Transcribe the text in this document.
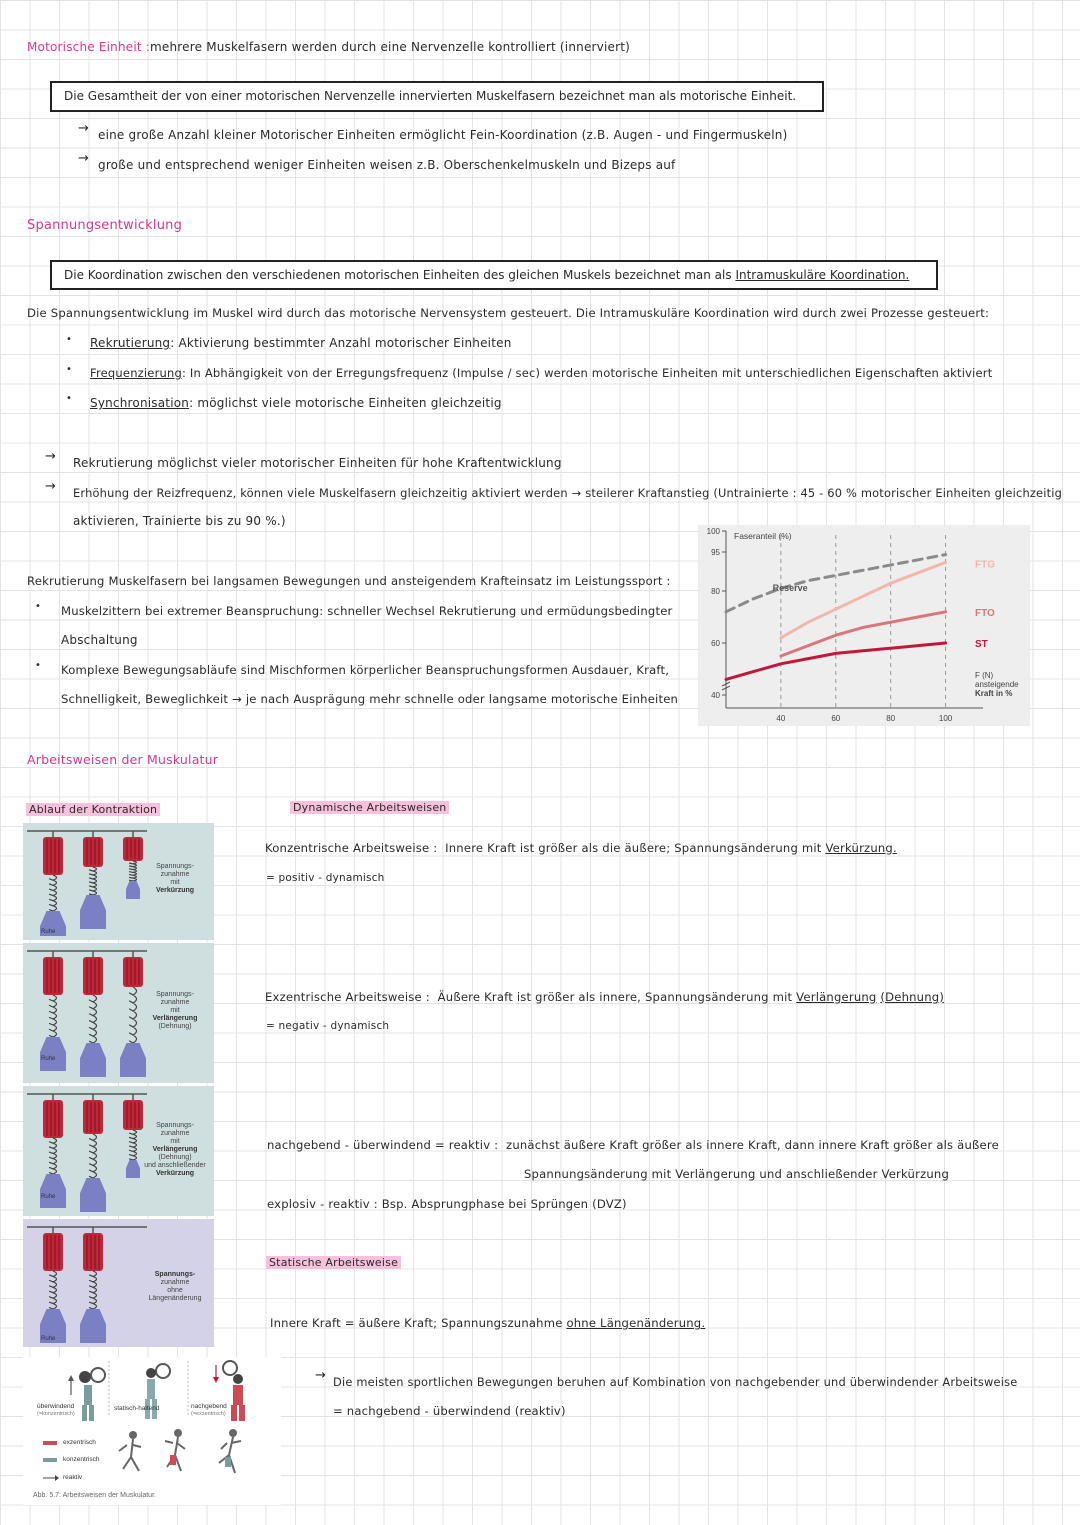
Motorische Einheit : mehrere Muskelfasern werden durch eine Nervenzelle kontrolliert (innerviert)
Die Gesamtheit der von einer motorischen Nervenzelle innervierten Muskelfasern bezeichnet man als motorische Einheit.
→ eine große Anzahl kleiner Motorischer Einheiten ermöglicht Fein-Koordination (z.B. Augen - und Fingermuskeln)
→ große und entsprechend weniger Einheiten weisen z.B. Oberschenkelmuskeln und Bizeps auf
Spannungsentwicklung
Die Koordination zwischen den verschiedenen motorischen Einheiten des gleichen Muskels bezeichnet man als Intramuskuläre Koordination.
Die Spannungsentwicklung im Muskel wird durch das motorische Nervensystem gesteuert. Die Intramuskuläre Koordination wird durch zwei Prozesse gesteuert:
• Rekrutierung: Aktivierung bestimmter Anzahl motorischer Einheiten
• Frequenzierung: In Abhängigkeit von der Erregungsfrequenz (Impulse / sec) werden motorische Einheiten mit unterschiedlichen Eigenschaften aktiviert
• Synchronisation: möglichst viele motorische Einheiten gleichzeitig
→ Rekrutierung möglichst vieler motorischer Einheiten für hohe Kraftentwicklung
→ Erhöhung der Reizfrequenz, können viele Muskelfasern gleichzeitig aktiviert werden → steilerer Kraftanstieg (Untrainierte : 45 - 60 % motorischer Einheiten gleichzeitig
aktivieren, Trainierte bis zu 90 %.)
Rekrutierung Muskelfasern bei langsamen Bewegungen und ansteigendem Krafteinsatz im Leistungssport :
• Muskelzittern bei extremer Beanspruchung: schneller Wechsel Rekrutierung und ermüdungsbedingter
Abschaltung
• Komplexe Bewegungsabläufe sind Mischformen körperlicher Beanspruchungsformen Ausdauer, Kraft,
Schnelligkeit, Beweglichkeit → je nach Ausprägung mehr schnelle oder langsame motorische Einheiten
40	60	80	100
40
60
80
95
100 Faseranteil (%)
FTG
FTO
ST
Reserve
F (N)
ansteigende
Kraft in %
Arbeitsweisen der Muskulatur
Ablauf der Kontraktion	Dynamische Arbeitsweisen
Spannungs-
zunahme
mit
Verkürzung
Ruhe
Spannungs-
zunahme
mit
Verlängerung
(Dehnung)
Ruhe
Spannungs-
zunahme
mit
Verlängerung
(Dehnung)
und anschließender
Verkürzung
Ruhe
Spannungs-
zunahme
ohne
Längenänderung
Ruhe
Konzentrische Arbeitsweise : Innere Kraft ist größer als die äußere; Spannungsänderung mit Verkürzung.
= positiv - dynamisch
Exzentrische Arbeitsweise : Äußere Kraft ist größer als innere, Spannungsänderung mit Verlängerung (Dehnung)
= negativ - dynamisch
nachgebend - überwindend = reaktiv : zunächst äußere Kraft größer als innere Kraft, dann innere Kraft größer als äußere
Spannungsänderung mit Verlängerung und anschließender Verkürzung
explosiv - reaktiv : Bsp. Absprungphase bei Sprüngen (DVZ)
Statische Arbeitsweise
Innere Kraft = äußere Kraft; Spannungszunahme ohne Längenänderung.
→ Die meisten sportlichen Bewegungen beruhen auf Kombination von nachgebender und überwindender Arbeitsweise
= nachgebend - überwindend (reaktiv)
überwindend
(=konzentrisch)
statisch-haltend	nachgebend
(=exzentrisch)
exzentrisch
konzentrisch
reaktiv
Abb. 5.7: Arbeitsweisen der Muskulatur.
